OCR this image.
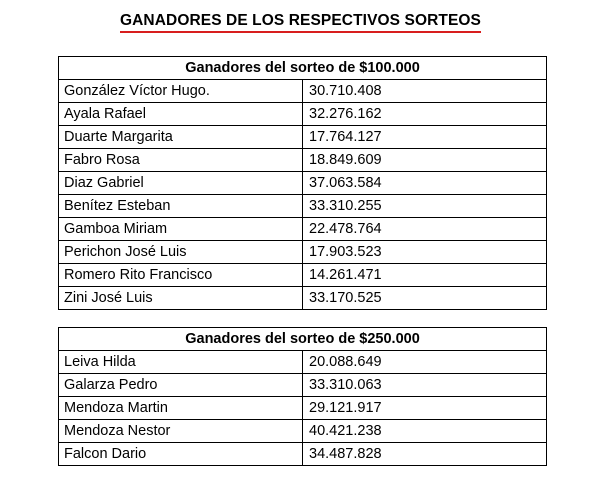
GANADORES DE LOS RESPECTIVOS SORTEOS
Ganadores del sorteo de $100.000	
González Víctor Hugo.	30.710.408
Ayala Rafael	32.276.162
Duarte Margarita	17.764.127
Fabro Rosa	18.849.609
Diaz Gabriel	37.063.584
Benítez Esteban	33.310.255
Gamboa Miriam	22.478.764
Perichon José Luis	17.903.523
Romero Rito Francisco	14.261.471
Zini José Luis	33.170.525
Ganadores del sorteo de $250.000	
Leiva Hilda	20.088.649
Galarza Pedro	33.310.063
Mendoza Martin	29.121.917
Mendoza Nestor	40.421.238
Falcon Dario	34.487.828
